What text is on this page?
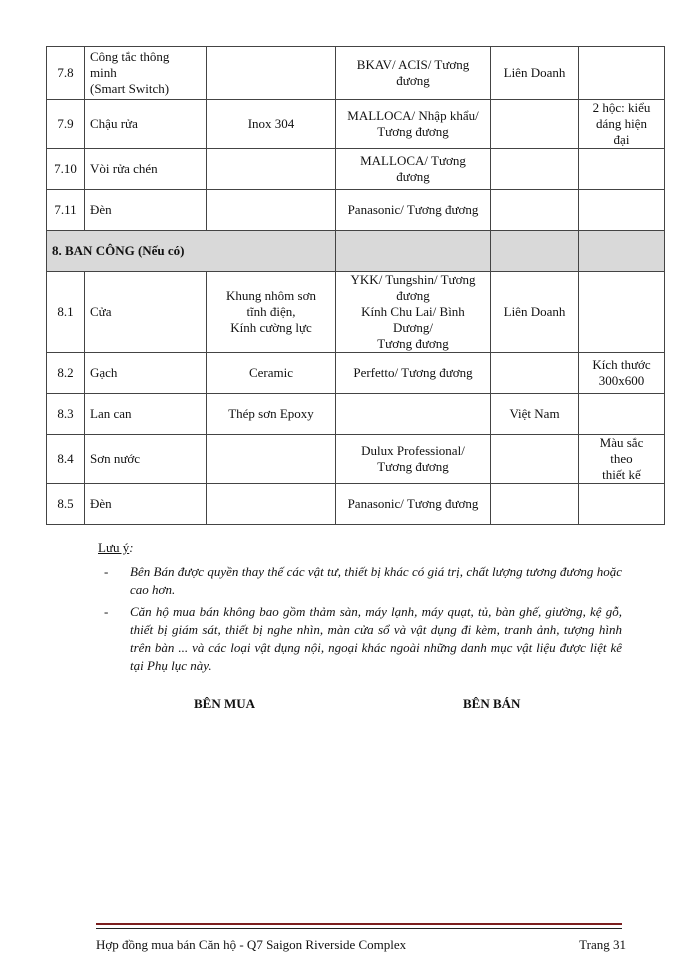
7.8	Công tắc thông
minh
(Smart Switch)		BKAV/ ACIS/ Tương
đương	Liên Doanh	
7.9	Chậu rửa	Inox 304	MALLOCA/ Nhập khẩu/
Tương đương		2 hộc: kiểu
dáng hiện
đại
7.10	Vòi rửa chén		MALLOCA/ Tương
đương		
7.11	Đèn		Panasonic/ Tương đương		
8. BAN CÔNG (Nếu có)					
8.1	Cửa	Khung nhôm sơn
tĩnh điện,
Kính cường lực	YKK/ Tungshin/ Tương
đương
Kính Chu Lai/ Bình
Dương/
Tương đương	Liên Doanh	
8.2	Gạch	Ceramic	Perfetto/ Tương đương		Kích thước
300x600
8.3	Lan can	Thép sơn Epoxy		Việt Nam	
8.4	Sơn nước		Dulux Professional/
Tương đương		Màu sắc
theo
thiết kế
8.5	Đèn		Panasonic/ Tương đương		
Lưu ý:
- Bên Bán được quyền thay thế các vật tư, thiết bị khác có giá trị, chất lượng tương đương hoặc cao hơn.
- Căn hộ mua bán không bao gồm thảm sàn, máy lạnh, máy quạt, tủ, bàn ghế, giường, kệ gỗ, thiết bị giám sát, thiết bị nghe nhìn, màn cửa sổ và vật dụng đi kèm, tranh ảnh, tượng hình trên bàn ... và các loại vật dụng nội, ngoại khác ngoài những danh mục vật liệu được liệt kê tại Phụ lục này.
BÊN MUA	BÊN BÁN
Hợp đồng mua bán Căn hộ - Q7 Saigon Riverside Complex	Trang 31
